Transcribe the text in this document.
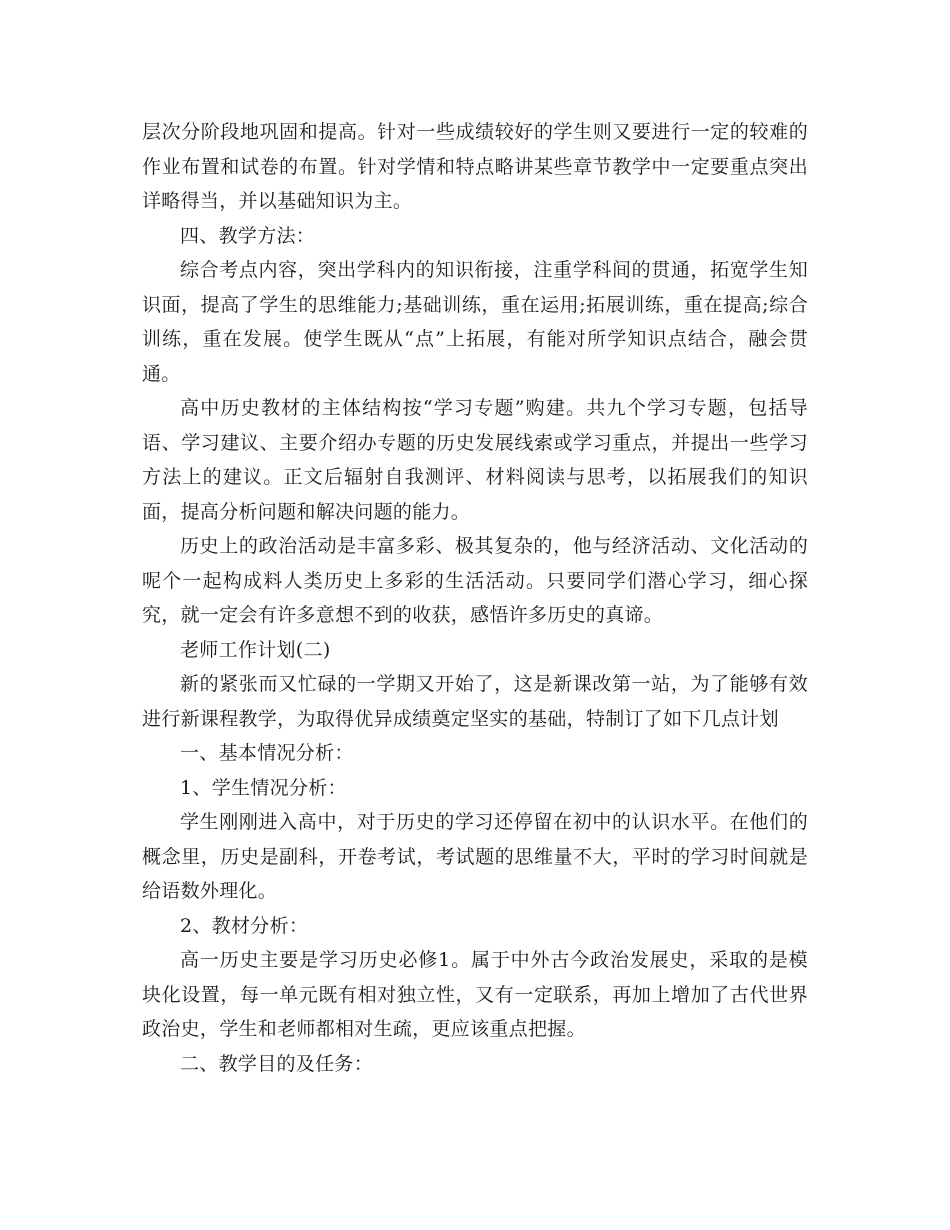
层次分阶段地巩固和提高。针对一些成绩较好的学生则又要进行一定的较难的作业布置和试卷的布置。针对学情和特点略讲某些章节教学中一定要重点突出详略得当，并以基础知识为主。

四、教学方法：

综合考点内容，突出学科内的知识衔接，注重学科间的贯通，拓宽学生知识面，提高了学生的思维能力;基础训练，重在运用;拓展训练，重在提高;综合训练，重在发展。使学生既从“点”上拓展，有能对所学知识点结合，融会贯通。

高中历史教材的主体结构按“学习专题”购建。共九个学习专题，包括导语、学习建议、主要介绍办专题的历史发展线索或学习重点，并提出一些学习方法上的建议。正文后辐射自我测评、材料阅读与思考，以拓展我们的知识面，提高分析问题和解决问题的能力。

历史上的政治活动是丰富多彩、极其复杂的，他与经济活动、文化活动的呢个一起构成料人类历史上多彩的生活活动。只要同学们潜心学习，细心探究，就一定会有许多意想不到的收获，感悟许多历史的真谛。

老师工作计划(二)

新的紧张而又忙碌的一学期又开始了，这是新课改第一站，为了能够有效进行新课程教学，为取得优异成绩奠定坚实的基础，特制订了如下几点计划

一、基本情况分析：

1、学生情况分析：

学生刚刚进入高中，对于历史的学习还停留在初中的认识水平。在他们的概念里，历史是副科，开卷考试，考试题的思维量不大，平时的学习时间就是给语数外理化。

2、教材分析：

高一历史主要是学习历史必修1。属于中外古今政治发展史，采取的是模块化设置，每一单元既有相对独立性，又有一定联系，再加上增加了古代世界政治史，学生和老师都相对生疏，更应该重点把握。

二、教学目的及任务：
